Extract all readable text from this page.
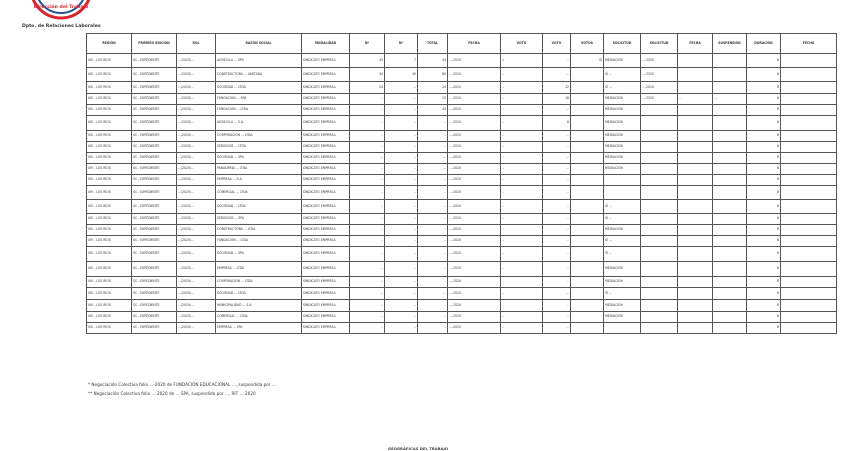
Dirección del Trabajo
Dpto. de Relaciones Laborales
REGIÓN	PRIMERO EDICIÓN	ROL	RAZÓN SOCIAL	MODALIDAD	Nº	Nº	TOTAL	FECHA	VOTO	VOTO	VOTOS	SOLICITUD	SOLICITUD	FECHA	SUSPENSIÓN	DURACIÓN	FECHA
XIV - LOS RÍOS	SC - EXPEDIENTE	.../2020/...	AGRÍCOLA ... SPA	SINDICATO EMPRESA	43	7	44	...-2020	1	..	SÍ	MEDIACIÓN	...-2020			8	
XIV - LOS RÍOS	SC - EXPEDIENTE	.../2020/...	CONSTRUCTORA ... LIMITADA	SINDICATO EMPRESA	34	45	80	...-2020	..	...		SÍ ...	...-2020			8	
XIV - LOS RÍOS	SC - EXPEDIENTE	.../2020/...	SOCIEDAD ... LTDA	SINDICATO EMPRESA	24	...	24	...-2020	..	12		SÍ ...	...-2020			8	
XIV - LOS RÍOS	SC - EXPEDIENTE	.../2020/...	FUNDACIÓN ... SPA	SINDICATO EMPRESA	..	...	23	...-2020	..	18		MEDIACIÓN	...-2020	..	...	8	
XIV - LOS RÍOS	SC - EXPEDIENTE	.../2020/...	FUNDACIÓN ... LTDA	SINDICATO EMPRESA	..	..	43	...-2020	..	...		MEDIACIÓN				8	
XIV - LOS RÍOS	SC - EXPEDIENTE	.../2020/...	AGRÍCOLA ... S.A.	SINDICATO EMPRESA	..	..	..	...-2020	..	8		MEDIACIÓN				8	
XIV - LOS RÍOS	SC - EXPEDIENTE	.../2020/...	CORPORACIÓN ... LTDA	SINDICATO EMPRESA	..	..	..	...-2020	..	..		MEDIACIÓN				8	
XIV - LOS RÍOS	SC - EXPEDIENTE	.../2020/...	SERVICIOS ... LTDA	SINDICATO EMPRESA	..	..	..	...-2020	..	..		MEDIACIÓN				8	
XIV - LOS RÍOS	SC - EXPEDIENTE	.../2020/...	SOCIEDAD ... SPA	SINDICATO EMPRESA	...	..	...	...-2020	..	...		MEDIACIÓN				8	
XIV - LOS RÍOS	SC - EXPEDIENTE	.../2020/...	PANADERÍA ... LTDA	SINDICATO EMPRESA	..	..	...	...-2020	..	...		MEDIACIÓN				8	
XIV - LOS RÍOS	SC - EXPEDIENTE	.../2020/...	EMPRESA ... S.A.	SINDICATO EMPRESA	..	..	..	...-2020	..	..						8	
XIV - LOS RÍOS	SC - EXPEDIENTE	.../2020/...	COMERCIAL ... LTDA	SINDICATO EMPRESA	..	..	..	...-2020	..	..						8	
XIV - LOS RÍOS	SC - EXPEDIENTE	.../2020/...	SOCIEDAD ... LTDA	SINDICATO EMPRESA	..	..	..	...-2020	..	..		SÍ ...				8	
XIV - LOS RÍOS	SC - EXPEDIENTE	.../2020/...	SERVICIOS ... SPA	SINDICATO EMPRESA	..	..	..	...-2020	..	..		SÍ ...				8	
XIV - LOS RÍOS	SC - EXPEDIENTE	.../2020/...	CONSTRUCTORA ... LTDA	SINDICATO EMPRESA	..	..	..	...-2020	..	..		MEDIACIÓN				8	
XIV - LOS RÍOS	SC - EXPEDIENTE	.../2020/...	FUNDACIÓN ... LTDA	SINDICATO EMPRESA	..	..	..	...-2020	..	..		SÍ ...				8	
XIV - LOS RÍOS	SC - EXPEDIENTE	.../2020/...	SOCIEDAD ... SPA	SINDICATO EMPRESA	..	..	..	...-2020	..	..		SÍ ...				8	
XIV - LOS RÍOS	SC - EXPEDIENTE	.../2020/...	EMPRESA ... LTDA	SINDICATO EMPRESA	..	..	..	...-2020	..	..		MEDIACIÓN				8	
XIV - LOS RÍOS	SC - EXPEDIENTE	.../2020/...	CORPORACIÓN ... LTDA	SINDICATO EMPRESA	..	..	..	...-2020	..	..		MEDIACIÓN				8	
XIV - LOS RÍOS	SC - EXPEDIENTE	.../2020/...	SOCIEDAD ... LTDA	SINDICATO EMPRESA	...	...	...	...-2020	..	...		SÍ ...				8	
XIV - LOS RÍOS	SC - EXPEDIENTE	.../2020/...	MUNICIPALIDAD ... S.A.	SINDICATO EMPRESA	..	..	..	...-2020	..	..		MEDIACIÓN				8	
XIV - LOS RÍOS	SC - EXPEDIENTE	.../2020/...	COMERCIAL ... LTDA	SINDICATO EMPRESA	..	..	..	...-2020	..	..		MEDIACIÓN				8	
XIV - LOS RÍOS	SC - EXPEDIENTE	.../2020/...	EMPRESA ... SPA	SINDICATO EMPRESA	..	..	..	...-2020	..	..						8	
* Negociación Colectiva folio ...-2020 de FUNDACIÓN EDUCACIONAL ..., suspendida por ...
** Negociación Colectiva folio ...-2020 de ... SPA, suspendida por ..., RIT ...-2020
GEOGRÁFICAS DEL TRABAJO
